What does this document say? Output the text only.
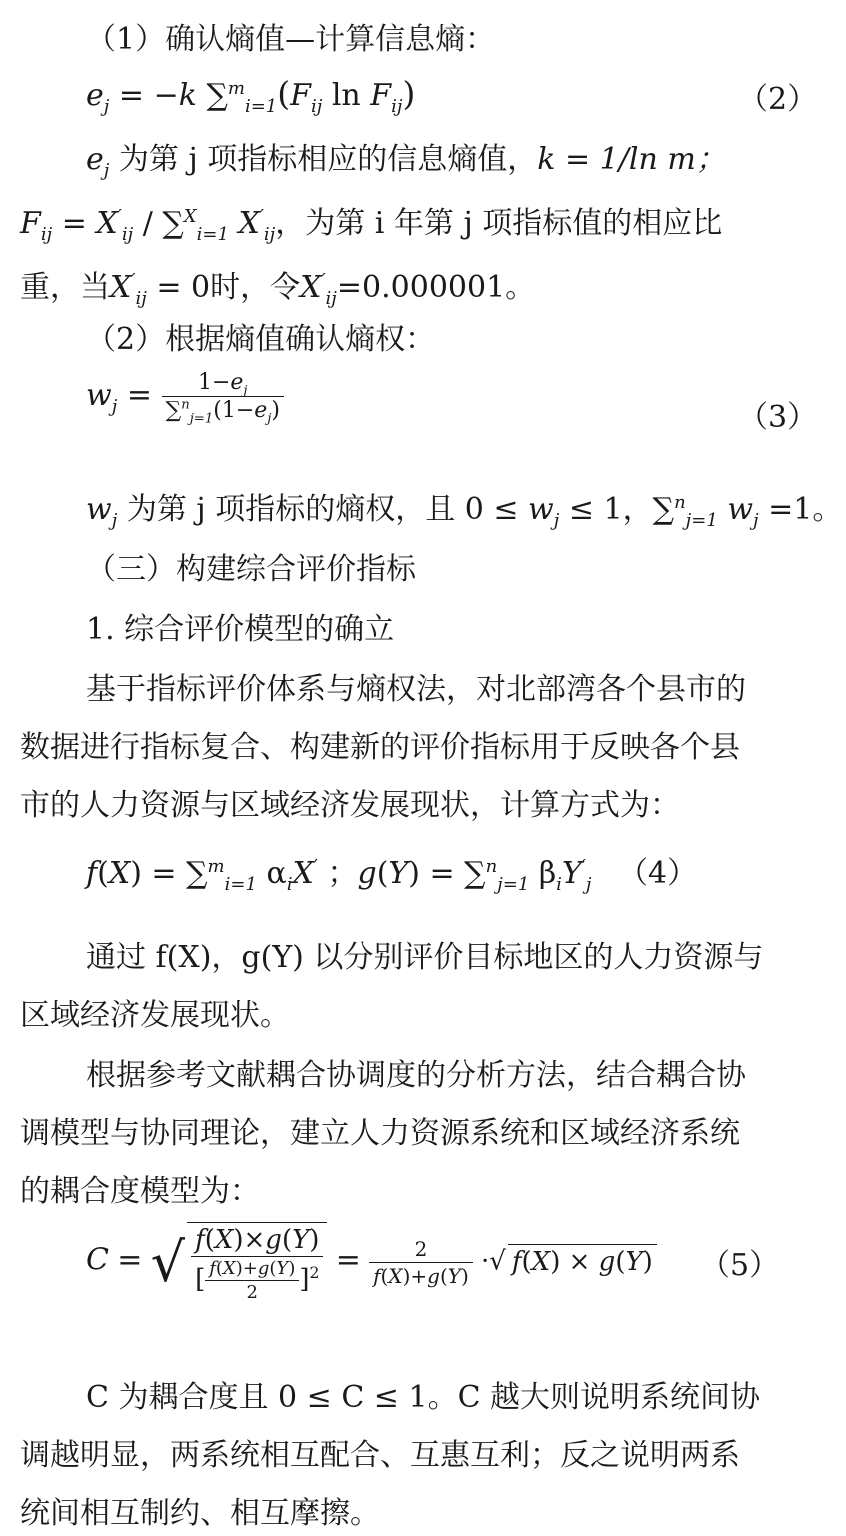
（1）确认熵值—计算信息熵：
$e_j = -k$ $\sum^m_{i=1}(F_{ij}$ $\ln F_{ij}$)	（2）
$e_j$ 为第 j 项指标相应的信息熵值，k = 1/ln m；
$F_{ij} = X'_{ij} / \sum^X_{i=1}$ $X'_{ij}$，为第 i 年第 j 项指标值的相应比
重，当$X'_{ij} = 0$时，令$X'_{ij}=0.000001$。
（2）根据熵值确认熵权：
$w_j = \frac{1-e_j}{\sum^n_{j=1}(1-e_j)}$	（3）
$w_j$ 为第 j 项指标的熵权，且 $0 \le w_j \le 1$，∑$^n_{j=1}$ $w_j =1$。
（三）构建综合评价指标
1. 综合评价模型的确立
基于指标评价体系与熵权法，对北部湾各个县市的
数据进行指标复合、构建新的评价指标用于反映各个县
市的人力资源与区域经济发展现状，计算方式为：
f(X) = ∑$^m_{i=1}$ $\alpha_iX'$ ；g(Y) = ∑$^n_{j=1}$ $\beta_iY'_j$ （4）
通过 f(X)，g(Y) 以分别评价目标地区的人力资源与
区域经济发展现状。
根据参考文献耦合协调度的分析方法，结合耦合协
调模型与协同理论，建立人力资源系统和区域经济系统
的耦合度模型为：
C = √ $\frac{f(X)\times g(Y)}{[ \frac{f(X)+g(Y)}{2} ]^2} = \frac{2}{f(X)+g(Y)}$ ·√ f(X) × g(Y) （5）
C 为耦合度且 0 ≤ C ≤ 1。C 越大则说明系统间协
调越明显，两系统相互配合、互惠互利；反之说明两系
统间相互制约、相互摩擦。
